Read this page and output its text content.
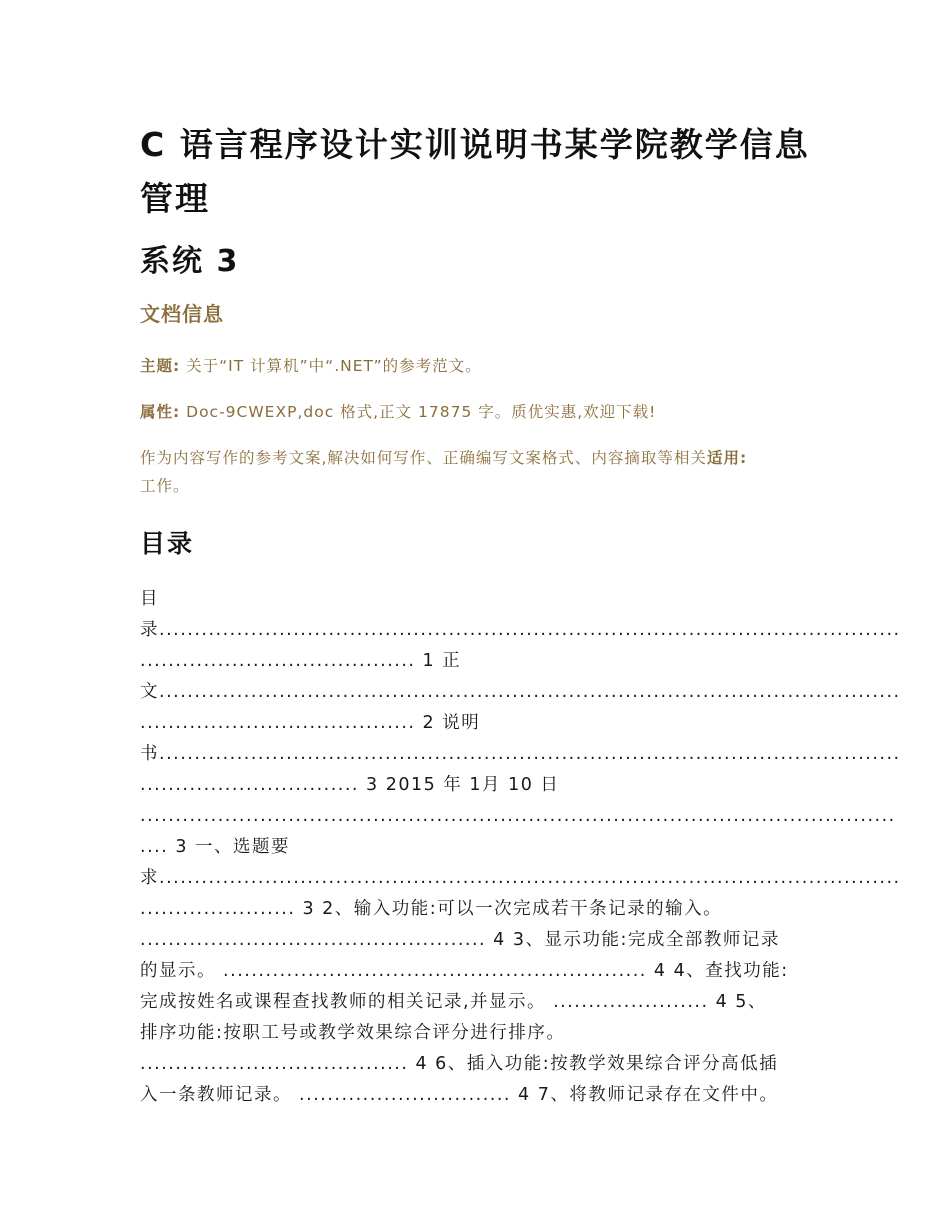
C 语言程序设计实训说明书某学院教学信息管理
系统 3
文档信息

主题: 关于“IT 计算机”中“.NET”的参考范文。

属性: Doc-9CWEXP,doc 格式,正文 17875 字。质优实惠,欢迎下载!

作为内容写作的参考文案,解决如何写作、正确编写文案格式、内容摘取等相关适用:
工作。

目录
目
录.........................................................................................................
....................................... 1 正
文.........................................................................................................
....................................... 2 说明
书.........................................................................................................
............................... 3 2015 年 1月 10 日
...........................................................................................................
.... 3 一、选题要
求.........................................................................................................
...................... 3 2、输入功能:可以一次完成若干条记录的输入。
................................................. 4 3、显示功能:完成全部教师记录
的显示。 ............................................................ 4 4、查找功能:
完成按姓名或课程查找教师的相关记录,并显示。 ...................... 4 5、
排序功能:按职工号或教学效果综合评分进行排序。
...................................... 4 6、插入功能:按教学效果综合评分高低插
入一条教师记录。 .............................. 4 7、将教师记录存在文件中。
